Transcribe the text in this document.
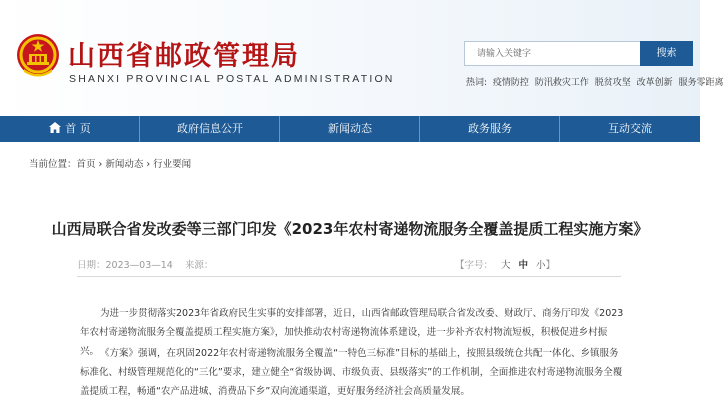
山西省邮政管理局
SHANXI PROVINCIAL POSTAL ADMINISTRATION
请输入关键字
搜索
热词: 疫情防控 防汛救灾工作 脱贫攻坚 改革创新 服务零距离
首 页	政府信息公开	新闻动态	政务服务	互动交流
当前位置：首页 › 新闻动态 › 行业要闻
山西局联合省发改委等三部门印发《2023年农村寄递物流服务全覆盖提质工程实施方案》
日期：2023—03—14 来源：	【字号： 大 中 小】

为进一步贯彻落实2023年省政府民生实事的安排部署，近日，山西省邮政管理局联合省发改委、财政厅、商务厅印发《2023年农村寄递物流服务全覆盖提质工程实施方案》，加快推动农村寄递物流体系建设，进一步补齐农村物流短板，积极促进乡村振兴。 《方案》强调，在巩固2022年农村寄递物流服务全覆盖“一特色三标准”目标的基础上，按照县级统仓共配一体化、乡镇服务标准化、村级管理规范化的“三化”要求，建立健全“省级协调、市级负责、县级落实”的工作机制，全面推进农村寄递物流服务全覆盖提质工程，畅通“农产品进城、消费品下乡”双向流通渠道，更好服务经济社会高质量发展。
